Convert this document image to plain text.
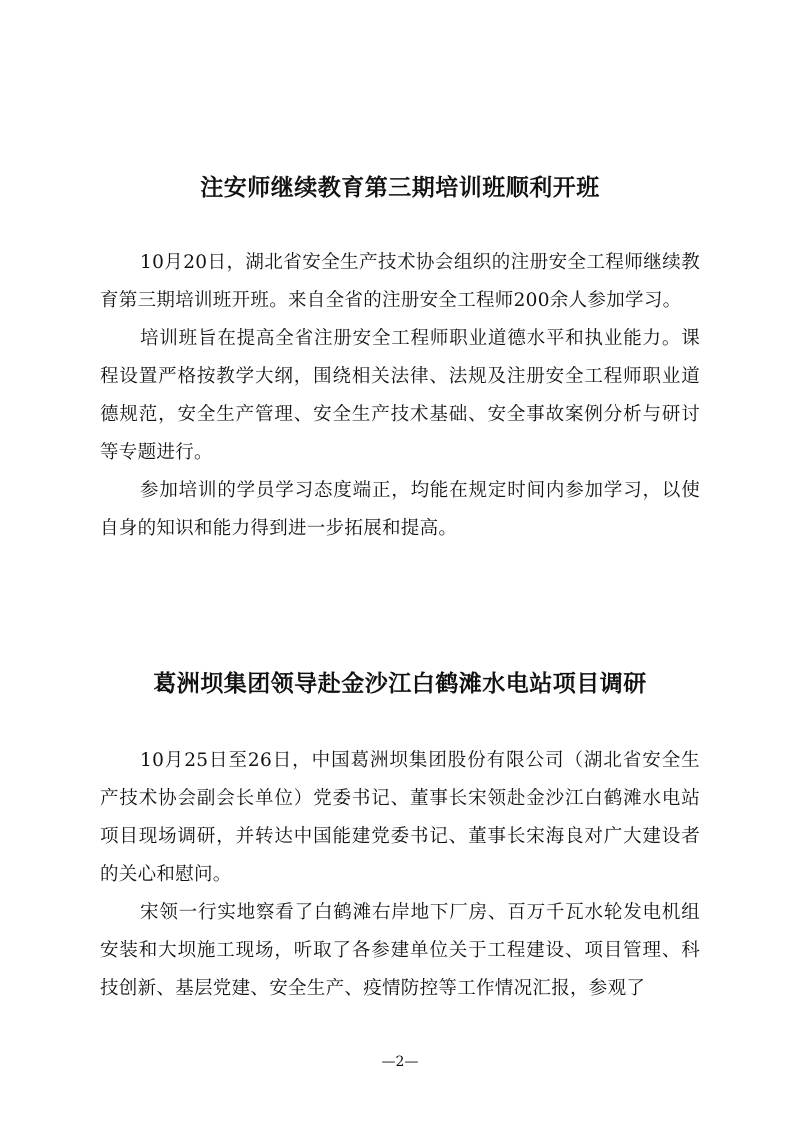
注安师继续教育第三期培训班顺利开班

10月20日，湖北省安全生产技术协会组织的注册安全工程师继续教育第三期培训班开班。来自全省的注册安全工程师200余人参加学习。

培训班旨在提高全省注册安全工程师职业道德水平和执业能力。课程设置严格按教学大纲，围绕相关法律、法规及注册安全工程师职业道德规范，安全生产管理、安全生产技术基础、安全事故案例分析与研讨等专题进行。

参加培训的学员学习态度端正，均能在规定时间内参加学习，以使自身的知识和能力得到进一步拓展和提高。

葛洲坝集团领导赴金沙江白鹤滩水电站项目调研

10月25日至26日，中国葛洲坝集团股份有限公司（湖北省安全生产技术协会副会长单位）党委书记、董事长宋领赴金沙江白鹤滩水电站项目现场调研，并转达中国能建党委书记、董事长宋海良对广大建设者的关心和慰问。

宋领一行实地察看了白鹤滩右岸地下厂房、百万千瓦水轮发电机组安装和大坝施工现场，听取了各参建单位关于工程建设、项目管理、科技创新、基层党建、安全生产、疫情防控等工作情况汇报，参观了

—2—
